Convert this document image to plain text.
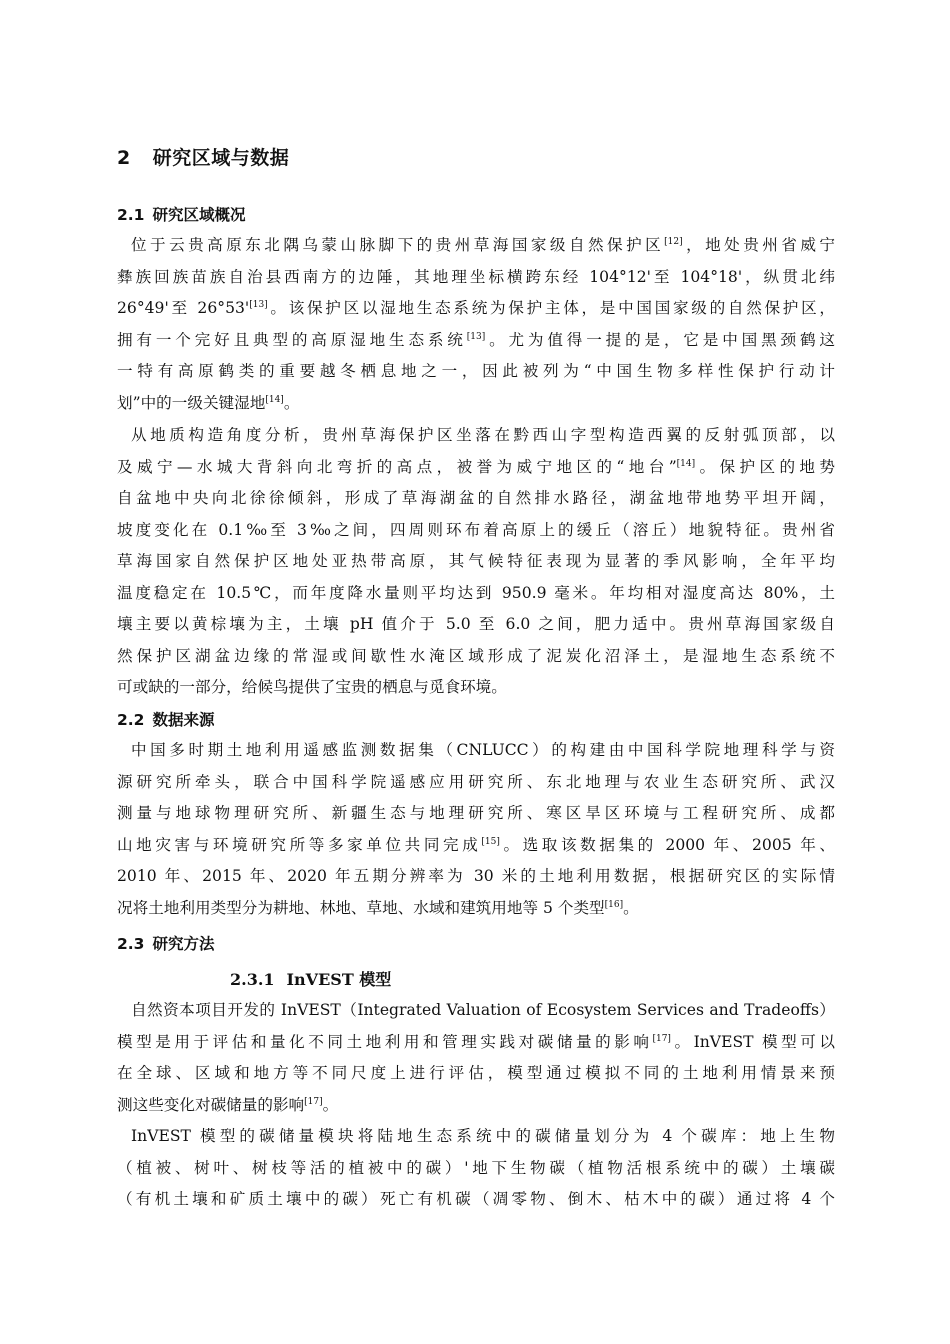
2 研究区域与数据
2.1 研究区域概况
位于云贵高原东北隅乌蒙山脉脚下的贵州草海国家级自然保护区[12]，地处贵州省威宁
彝族回族苗族自治县西南方的边陲，其地理坐标横跨东经 104°12'至 104°18'，纵贯北纬
26°49'至 26°53'[13]。该保护区以湿地生态系统为保护主体，是中国国家级的自然保护区，
拥有一个完好且典型的高原湿地生态系统[13]。尤为值得一提的是，它是中国黑颈鹤这
一特有高原鹤类的重要越冬栖息地之一，因此被列为“中国生物多样性保护行动计
划”中的一级关键湿地[14]。
从地质构造角度分析，贵州草海保护区坐落在黔西山字型构造西翼的反射弧顶部，以
及威宁—水城大背斜向北弯折的高点，被誉为威宁地区的“地台”[14]。保护区的地势
自盆地中央向北徐徐倾斜，形成了草海湖盆的自然排水路径，湖盆地带地势平坦开阔，
坡度变化在 0.1‰至 3‰之间，四周则环布着高原上的缓丘（溶丘）地貌特征。贵州省
草海国家自然保护区地处亚热带高原，其气候特征表现为显著的季风影响，全年平均
温度稳定在 10.5℃，而年度降水量则平均达到 950.9 毫米。年均相对湿度高达 80%，土
壤主要以黄棕壤为主，土壤 pH 值介于 5.0 至 6.0 之间，肥力适中。贵州草海国家级自
然保护区湖盆边缘的常湿或间歇性水淹区域形成了泥炭化沼泽土，是湿地生态系统不
可或缺的一部分，给候鸟提供了宝贵的栖息与觅食环境。
2.2 数据来源
中国多时期土地利用遥感监测数据集（CNLUCC）的构建由中国科学院地理科学与资
源研究所牵头，联合中国科学院遥感应用研究所、东北地理与农业生态研究所、武汉
测量与地球物理研究所、新疆生态与地理研究所、寒区旱区环境与工程研究所、成都
山地灾害与环境研究所等多家单位共同完成[15]。选取该数据集的 2000 年、2005 年、
2010 年、2015 年、2020 年五期分辨率为 30 米的土地利用数据，根据研究区的实际情
况将土地利用类型分为耕地、林地、草地、水域和建筑用地等 5 个类型[16]。
2.3 研究方法
2.3.1 InVEST 模型
自然资本项目开发的 InVEST（Integrated Valuation of Ecosystem Services and Tradeoffs）
模型是用于评估和量化不同土地利用和管理实践对碳储量的影响[17]。InVEST 模型可以
在全球、区域和地方等不同尺度上进行评估，模型通过模拟不同的土地利用情景来预
测这些变化对碳储量的影响[17]。
InVEST 模型的碳储量模块将陆地生态系统中的碳储量划分为 4 个碳库：地上生物
（植被、树叶、树枝等活的植被中的碳）'地下生物碳（植物活根系统中的碳）土壤碳
（有机土壤和矿质土壤中的碳）死亡有机碳（凋零物、倒木、枯木中的碳）通过将 4 个
